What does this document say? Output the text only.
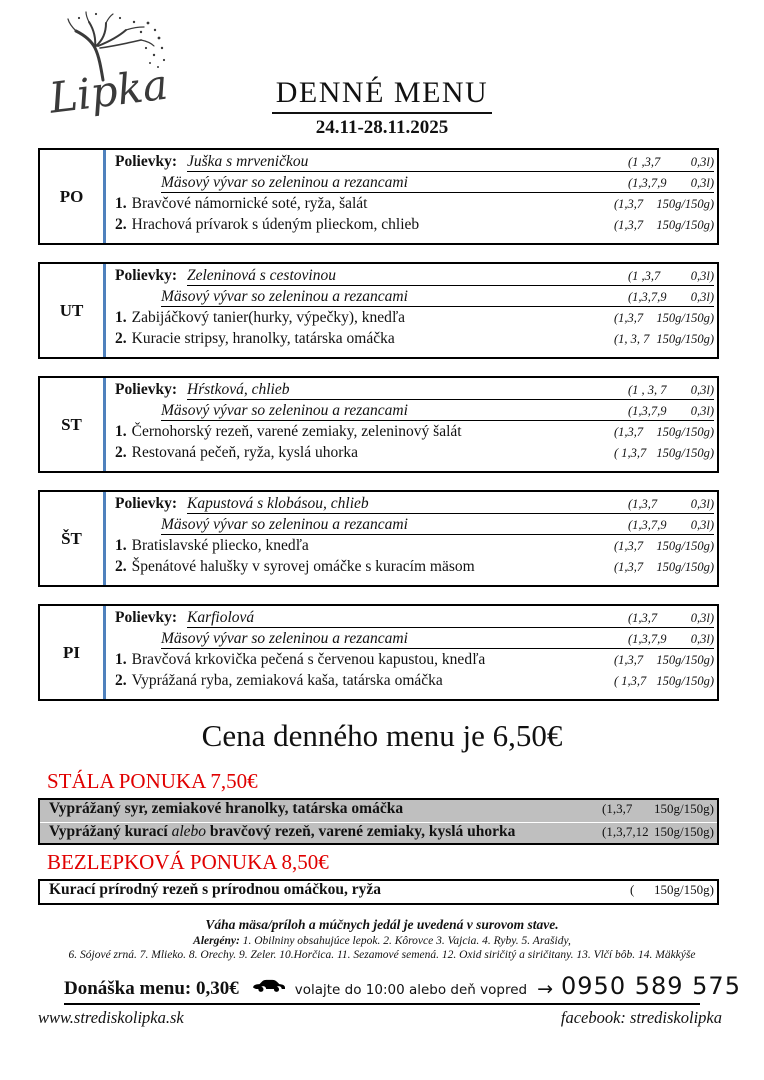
Lipka	DENNÉ MENU
24.11-28.11.2025
PO
Polievky: Juška s mrveničkou	(1 ,3,7 0,3l)
Mäsový vývar so zeleninou a rezancami	(1,3,7,9 0,3l)
1. Bravčové námornické soté, ryža, šalát	(1,3,7 150g/150g)
2. Hrachová prívarok s údeným plieckom, chlieb	(1,3,7 150g/150g)
UT
Polievky: Zeleninová s cestovinou	(1 ,3,7 0,3l)
Mäsový vývar so zeleninou a rezancami	(1,3,7,9 0,3l)
1. Zabijáčkový tanier(hurky, výpečky), knedľa	(1,3,7 150g/150g)
2. Kuracie stripsy, hranolky, tatárska omáčka	(1, 3, 7 150g/150g)
ST
Polievky: Hŕstková, chlieb	(1 , 3, 7 0,3l)
Mäsový vývar so zeleninou a rezancami	(1,3,7,9 0,3l)
1. Černohorský rezeň, varené zemiaky, zeleninový šalát	(1,3,7 150g/150g)
2. Restovaná pečeň, ryža, kyslá uhorka	( 1,3,7 150g/150g)
ŠT
Polievky: Kapustová s klobásou, chlieb	(1,3,7	0,3l)
Mäsový vývar so zeleninou a rezancami	(1,3,7,9 0,3l)
1. Bratislavské pliecko, knedľa	(1,3,7 150g/150g)
2. Špenátové halušky v syrovej omáčke s kuracím mäsom	(1,3,7 150g/150g)
PI
Polievky: Karfiolová	(1,3,7	0,3l)
Mäsový vývar so zeleninou a rezancami	(1,3,7,9 0,3l)
1. Bravčová krkovička pečená s červenou kapustou, knedľa	(1,3,7 150g/150g)
2. Vyprážaná ryba, zemiaková kaša, tatárska omáčka	( 1,3,7 150g/150g)
Cena denného menu je 6,50€
STÁLA PONUKA 7,50€
Vyprážaný syr, zemiakové hranolky, tatárska omáčka	(1,3,7 150g/150g)
Vyprážaný kurací alebo bravčový rezeň, varené zemiaky, kyslá uhorka	(1,3,7,12 150g/150g)
BEZLEPKOVÁ PONUKA 8,50€
Kurací prírodný rezeň s prírodnou omáčkou, ryža	( 150g/150g)
Váha mäsa/príloh a múčnych jedál je uvedená v surovom stave.
Alergény: 1. Obilniny obsahujúce lepok. 2. Kôrovce 3. Vajcia. 4. Ryby. 5. Arašidy,
6. Sójové zrná. 7. Mlieko. 8. Orechy. 9. Zeler. 10.Horčica. 11. Sezamové semená. 12. Oxid siričitý a siričitany. 13. Vlčí bôb. 14. Mäkkýše
Donáška menu: 0,30€	volajte do 10:00 alebo deň vopred → 0950 589 575
www.strediskolipka.sk	facebook: strediskolipka
